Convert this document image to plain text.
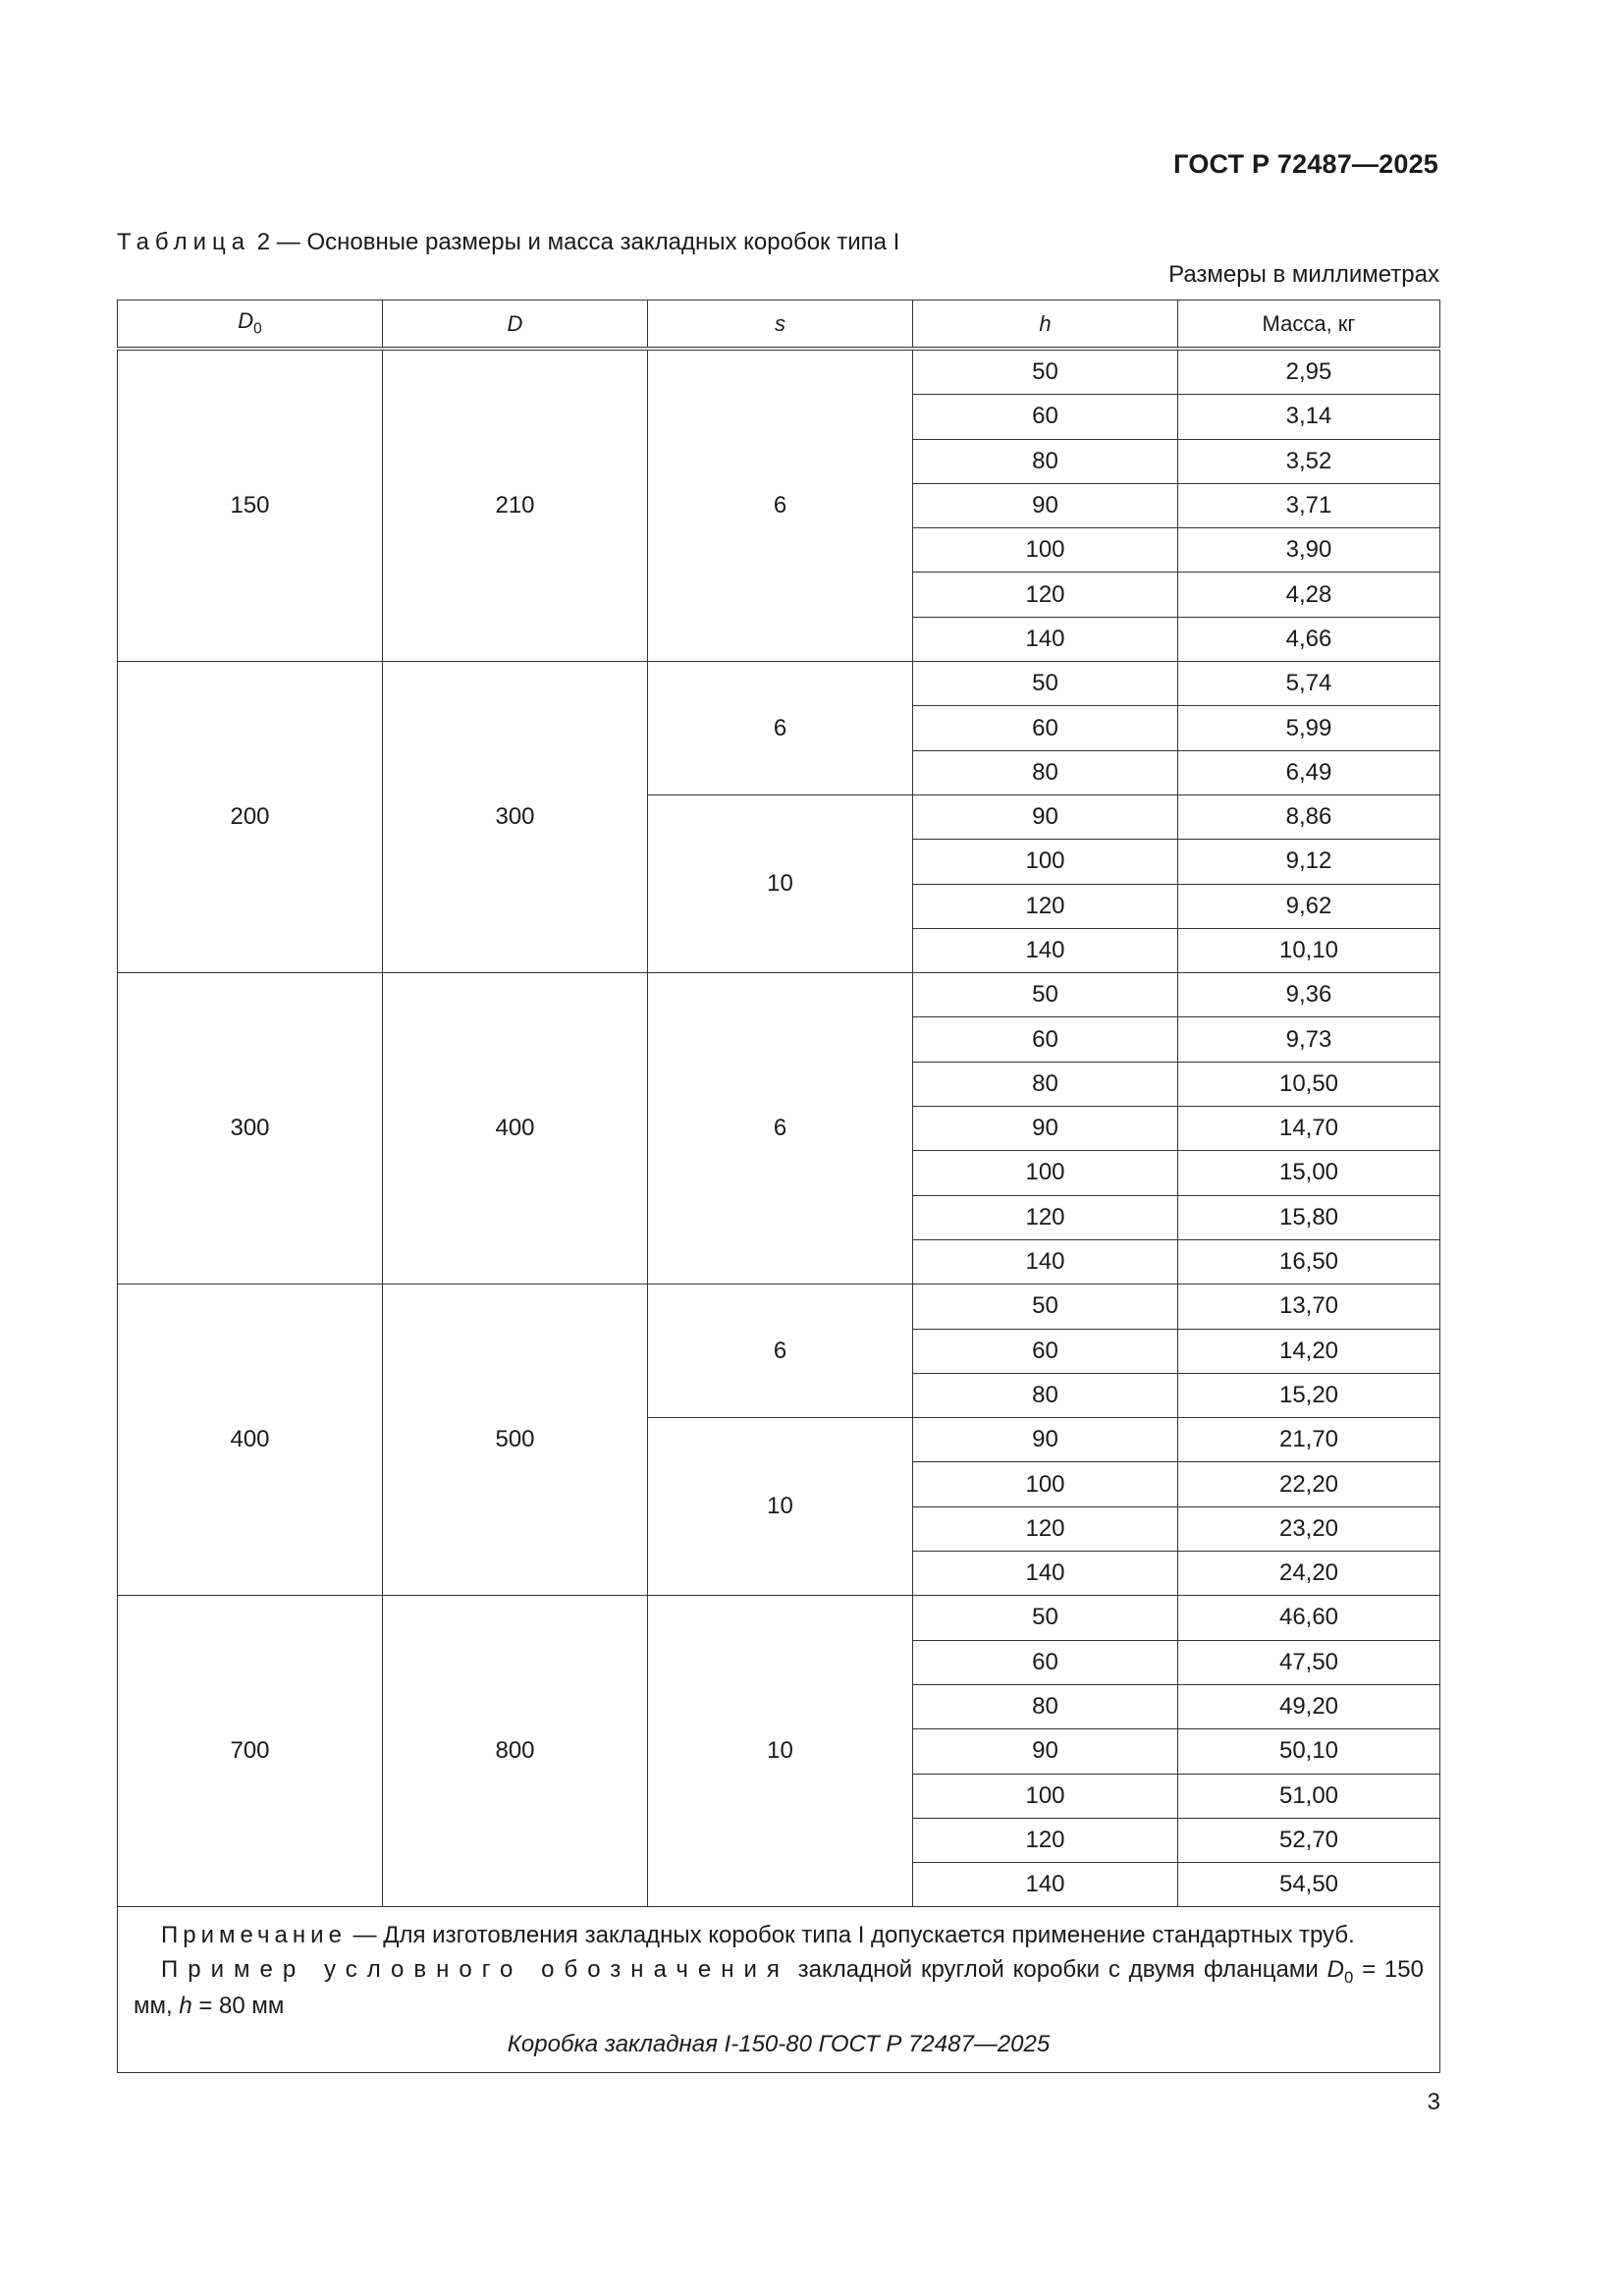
ГОСТ Р 72487—2025
Таблица 2 — Основные размеры и масса закладных коробок типа I
Размеры в миллиметрах
$D_0$	D	s	h	Масса, кг
150	210	6	50	2,95
			60	3,14
			80	3,52
			90	3,71
			100	3,90
			120	4,28
			140	4,66
200	300	6	50	5,74
			60	5,99
			80	6,49
		10	90	8,86
			100	9,12
			120	9,62
			140	10,10
300	400	6	50	9,36
			60	9,73
			80	10,50
			90	14,70
			100	15,00
			120	15,80
			140	16,50
400	500	6	50	13,70
			60	14,20
			80	15,20
		10	90	21,70
			100	22,20
			120	23,20
			140	24,20
700	800	10	50	46,60
			60	47,50
			80	49,20
			90	50,10
			100	51,00
			120	52,70
			140	54,50

Примечание — Для изготовления закладных коробок типа I допускается применение стандартных труб.
Пример условного обозначения закладной круглой коробки с двумя фланцами $D_0 = 150$ мм, h = 80 мм
Коробка закладная I-150-80 ГОСТ Р 72487—2025				
3
